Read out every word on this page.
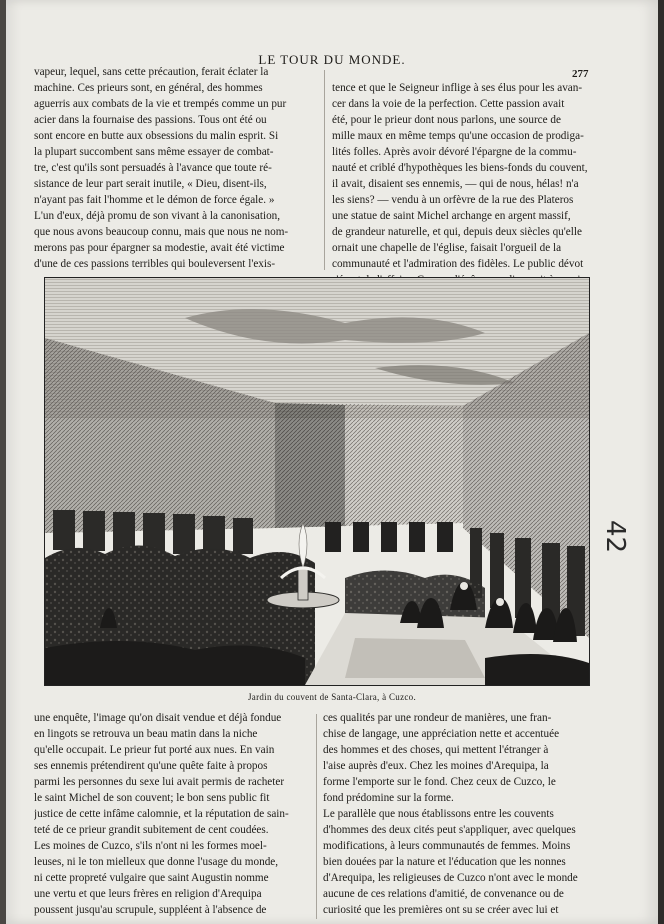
LE TOUR DU MONDE.
277
vapeur, lequel, sans cette précaution, ferait éclater la
machine. Ces prieurs sont, en général, des hommes
aguerris aux combats de la vie et trempés comme un pur
acier dans la fournaise des passions. Tous ont été ou
sont encore en butte aux obsessions du malin esprit. Si
la plupart succombent sans même essayer de combat-
tre, c'est qu'ils sont persuadés à l'avance que toute ré-
sistance de leur part serait inutile, « Dieu, disent-ils,
n'ayant pas fait l'homme et le démon de force égale. »
L'un d'eux, déjà promu de son vivant à la canonisation,
que nous avons beaucoup connu, mais que nous ne nom-
merons pas pour épargner sa modestie, avait été victime
d'une de ces passions terribles qui bouleversent l'exis-
tence et que le Seigneur inflige à ses élus pour les avan-
cer dans la voie de la perfection. Cette passion avait
été, pour le prieur dont nous parlons, une source de
mille maux en même temps qu'une occasion de prodiga-
lités folles. Après avoir dévoré l'épargne de la commu-
nauté et criblé d'hypothèques les biens-fonds du couvent,
il avait, disaient ses ennemis, — qui de nous, hélas! n'a
les siens? — vendu à un orfèvre de la rue des Plateros
une statue de saint Michel archange en argent massif,
de grandeur naturelle, et qui, depuis deux siècles qu'elle
ornait une chapelle de l'église, faisait l'orgueil de la
communauté et l'admiration des fidèles. Le public dévot
Jardin du couvent de Santa-Clara, à Cuzco.
une enquête, l'image qu'on disait vendue et déjà fondue
en lingots se retrouva un beau matin dans la niche
qu'elle occupait. Le prieur fut porté aux nues. En vain
ses ennemis prétendirent qu'une quête faite à propos
parmi les personnes du sexe lui avait permis de racheter
le saint Michel de son couvent; le bon sens public fit
justice de cette infâme calomnie, et la réputation de sain-
teté de ce prieur grandit subitement de cent coudées.
Les moines de Cuzco, s'ils n'ont ni les formes moel-
leuses, ni le ton mielleux que donne l'usage du monde,
ni cette propreté vulgaire que saint Augustin nomme
une vertu et que leurs frères en religion d'Arequipa
poussent jusqu'au scrupule, suppléent à l'absence de
ces qualités par une rondeur de manières, une fran-
chise de langage, une appréciation nette et accentuée
des hommes et des choses, qui mettent l'étranger à
l'aise auprès d'eux. Chez les moines d'Arequipa, la
forme l'emporte sur le fond. Chez ceux de Cuzco, le
fond prédomine sur la forme.
Le parallèle que nous établissons entre les couvents
d'hommes des deux cités peut s'appliquer, avec quelques
modifications, à leurs communautés de femmes. Moins
bien douées par la nature et l'éducation que les nonnes
d'Arequipa, les religieuses de Cuzco n'ont avec le monde
aucune de ces relations d'amitié, de convenance ou de
curiosité que les premières ont su se créer avec lui et
42
